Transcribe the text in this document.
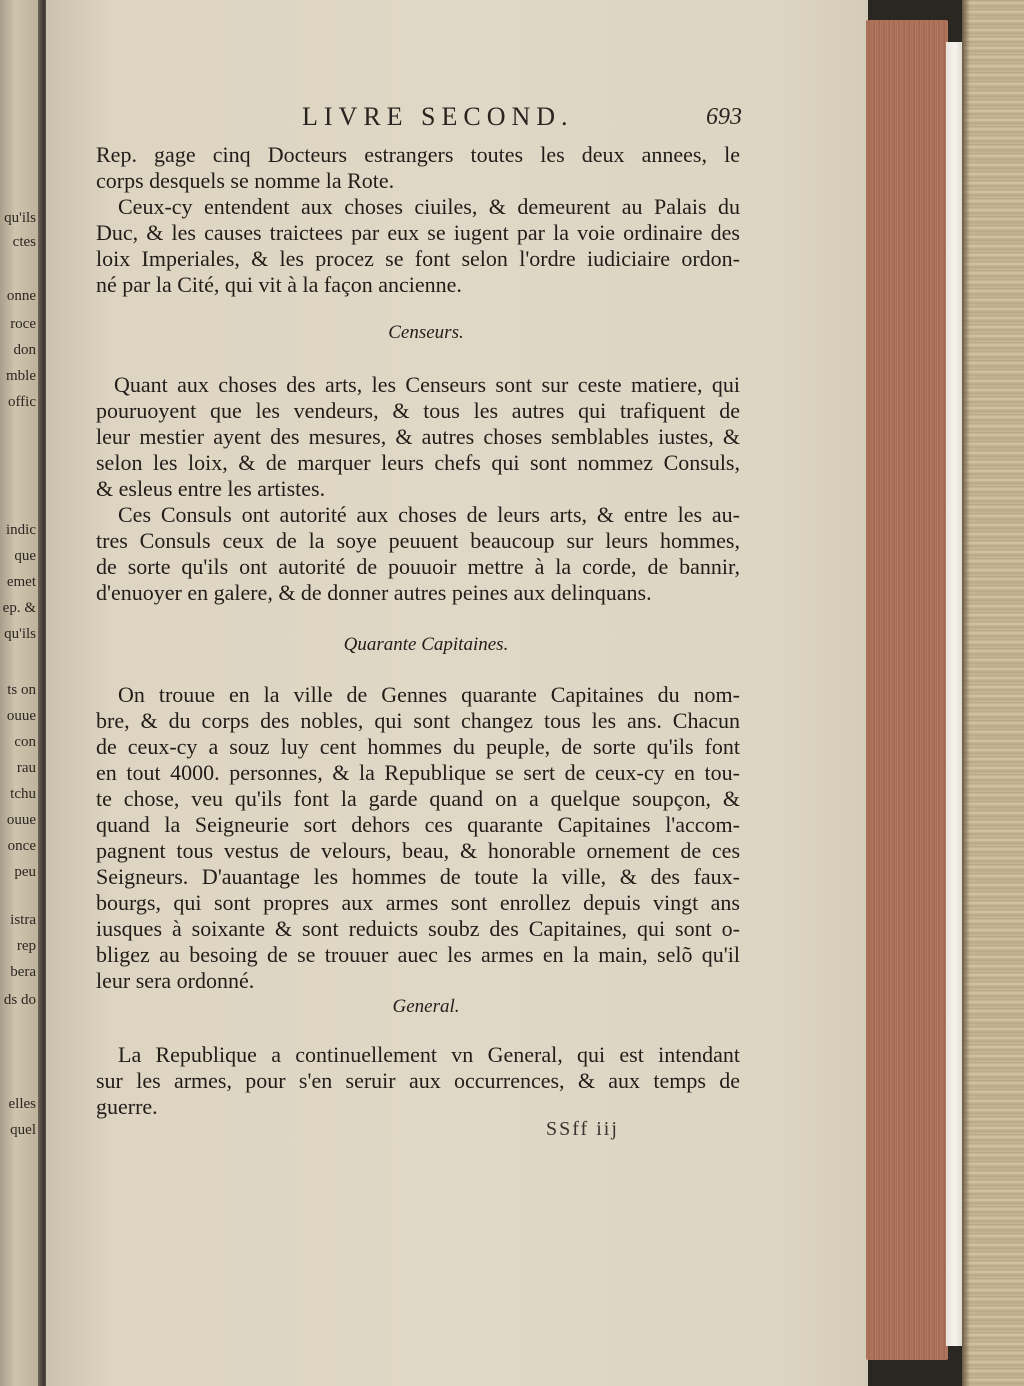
qu'ils
ctes
onne
roce
don
mble
offic
indic
que
emet
ep. &
qu'ils
ts on
ouue
con
rau
tchu
ouue
once
peu
istra
rep
bera
ds do
elles
quel
LIVRE SECOND.	693
Rep. gage cinq Docteurs estrangers toutes les deux annees, le
corps desquels se nomme la Rote.
Ceux-cy entendent aux choses ciuiles, & demeurent au Palais du
Duc, & les causes traictees par eux se iugent par la voie ordinaire des
loix Imperiales, & les procez se font selon l'ordre iudiciaire ordon-
né par la Cité, qui vit à la façon ancienne.
Censeurs.
Quant aux choses des arts, les Censeurs sont sur ceste matiere, qui
pouruoyent que les vendeurs, & tous les autres qui trafiquent de
leur mestier ayent des mesures, & autres choses semblables iustes, &
selon les loix, & de marquer leurs chefs qui sont nommez Consuls,
& esleus entre les artistes.
Ces Consuls ont autorité aux choses de leurs arts, & entre les au-
tres Consuls ceux de la soye peuuent beaucoup sur leurs hommes,
de sorte qu'ils ont autorité de pouuoir mettre à la corde, de bannir,
d'enuoyer en galere, & de donner autres peines aux delinquans.
Quarante Capitaines.
On trouue en la ville de Gennes quarante Capitaines du nom-
bre, & du corps des nobles, qui sont changez tous les ans. Chacun
de ceux-cy a souz luy cent hommes du peuple, de sorte qu'ils font
en tout 4000. personnes, & la Republique se sert de ceux-cy en tou-
te chose, veu qu'ils font la garde quand on a quelque soupçon, &
quand la Seigneurie sort dehors ces quarante Capitaines l'accom-
pagnent tous vestus de velours, beau, & honorable ornement de ces
Seigneurs. D'auantage les hommes de toute la ville, & des faux-
bourgs, qui sont propres aux armes sont enrollez depuis vingt ans
iusques à soixante & sont reduicts soubz des Capitaines, qui sont o-
bligez au besoing de se trouuer auec les armes en la main, selõ qu'il
leur sera ordonné.
General.
La Republique a continuellement vn General, qui est intendant
sur les armes, pour s'en seruir aux occurrences, & aux temps de
guerre.
SSff iij
